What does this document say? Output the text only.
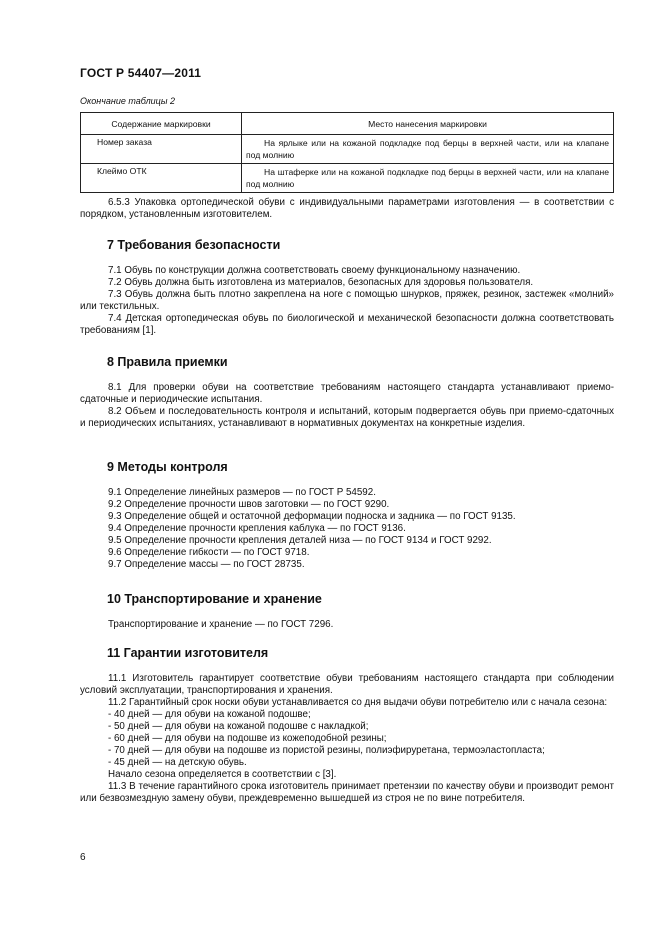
ГОСТ Р 54407—2011
Окончание таблицы 2
Содержание маркировки	Место нанесения маркировки
Номер заказа	На ярлыке или на кожаной подкладке под берцы в верхней части, или на клапане под молнию
Клеймо ОТК	На штаферке или на кожаной подкладке под берцы в верхней части, или на клапане под молнию
6.5.3 Упаковка ортопедической обуви с индивидуальными параметрами изготовления — в соответствии с порядком, установленным изготовителем.
7 Требования безопасности

7.1 Обувь по конструкции должна соответствовать своему функциональному назначению.

7.2 Обувь должна быть изготовлена из материалов, безопасных для здоровья пользователя.

7.3 Обувь должна быть плотно закреплена на ноге с помощью шнурков, пряжек, резинок, застежек «молний» или текстильных.

7.4 Детская ортопедическая обувь по биологической и механической безопасности должна соответствовать требованиям [1].

8 Правила приемки

8.1 Для проверки обуви на соответствие требованиям настоящего стандарта устанавливают приемо-сдаточные и периодические испытания.

8.2 Объем и последовательность контроля и испытаний, которым подвергается обувь при приемо-сдаточных и периодических испытаниях, устанавливают в нормативных документах на конкретные изделия.

9 Методы контроля

9.1 Определение линейных размеров — по ГОСТ Р 54592.

9.2 Определение прочности швов заготовки — по ГОСТ 9290.

9.3 Определение общей и остаточной деформации подноска и задника — по ГОСТ 9135.

9.4 Определение прочности крепления каблука — по ГОСТ 9136.

9.5 Определение прочности крепления деталей низа — по ГОСТ 9134 и ГОСТ 9292.

9.6 Определение гибкости — по ГОСТ 9718.

9.7 Определение массы — по ГОСТ 28735.

10 Транспортирование и хранение

Транспортирование и хранение — по ГОСТ 7296.

11 Гарантии изготовителя

11.1 Изготовитель гарантирует соответствие обуви требованиям настоящего стандарта при соблюдении условий эксплуатации, транспортирования и хранения.

11.2 Гарантийный срок носки обуви устанавливается со дня выдачи обуви потребителю или с начала сезона:

- 40 дней — для обуви на кожаной подошве;
- 50 дней — для обуви на кожаной подошве с накладкой;
- 60 дней — для обуви на подошве из кожеподобной резины;
- 70 дней — для обуви на подошве из пористой резины, полиэфируретана, термоэластопласта;
- 45 дней — на детскую обувь.

Начало сезона определяется в соответствии с [3].

11.3 В течение гарантийного срока изготовитель принимает претензии по качеству обуви и производит ремонт или безвозмездную замену обуви, преждевременно вышедшей из строя не по вине потребителя.

6
